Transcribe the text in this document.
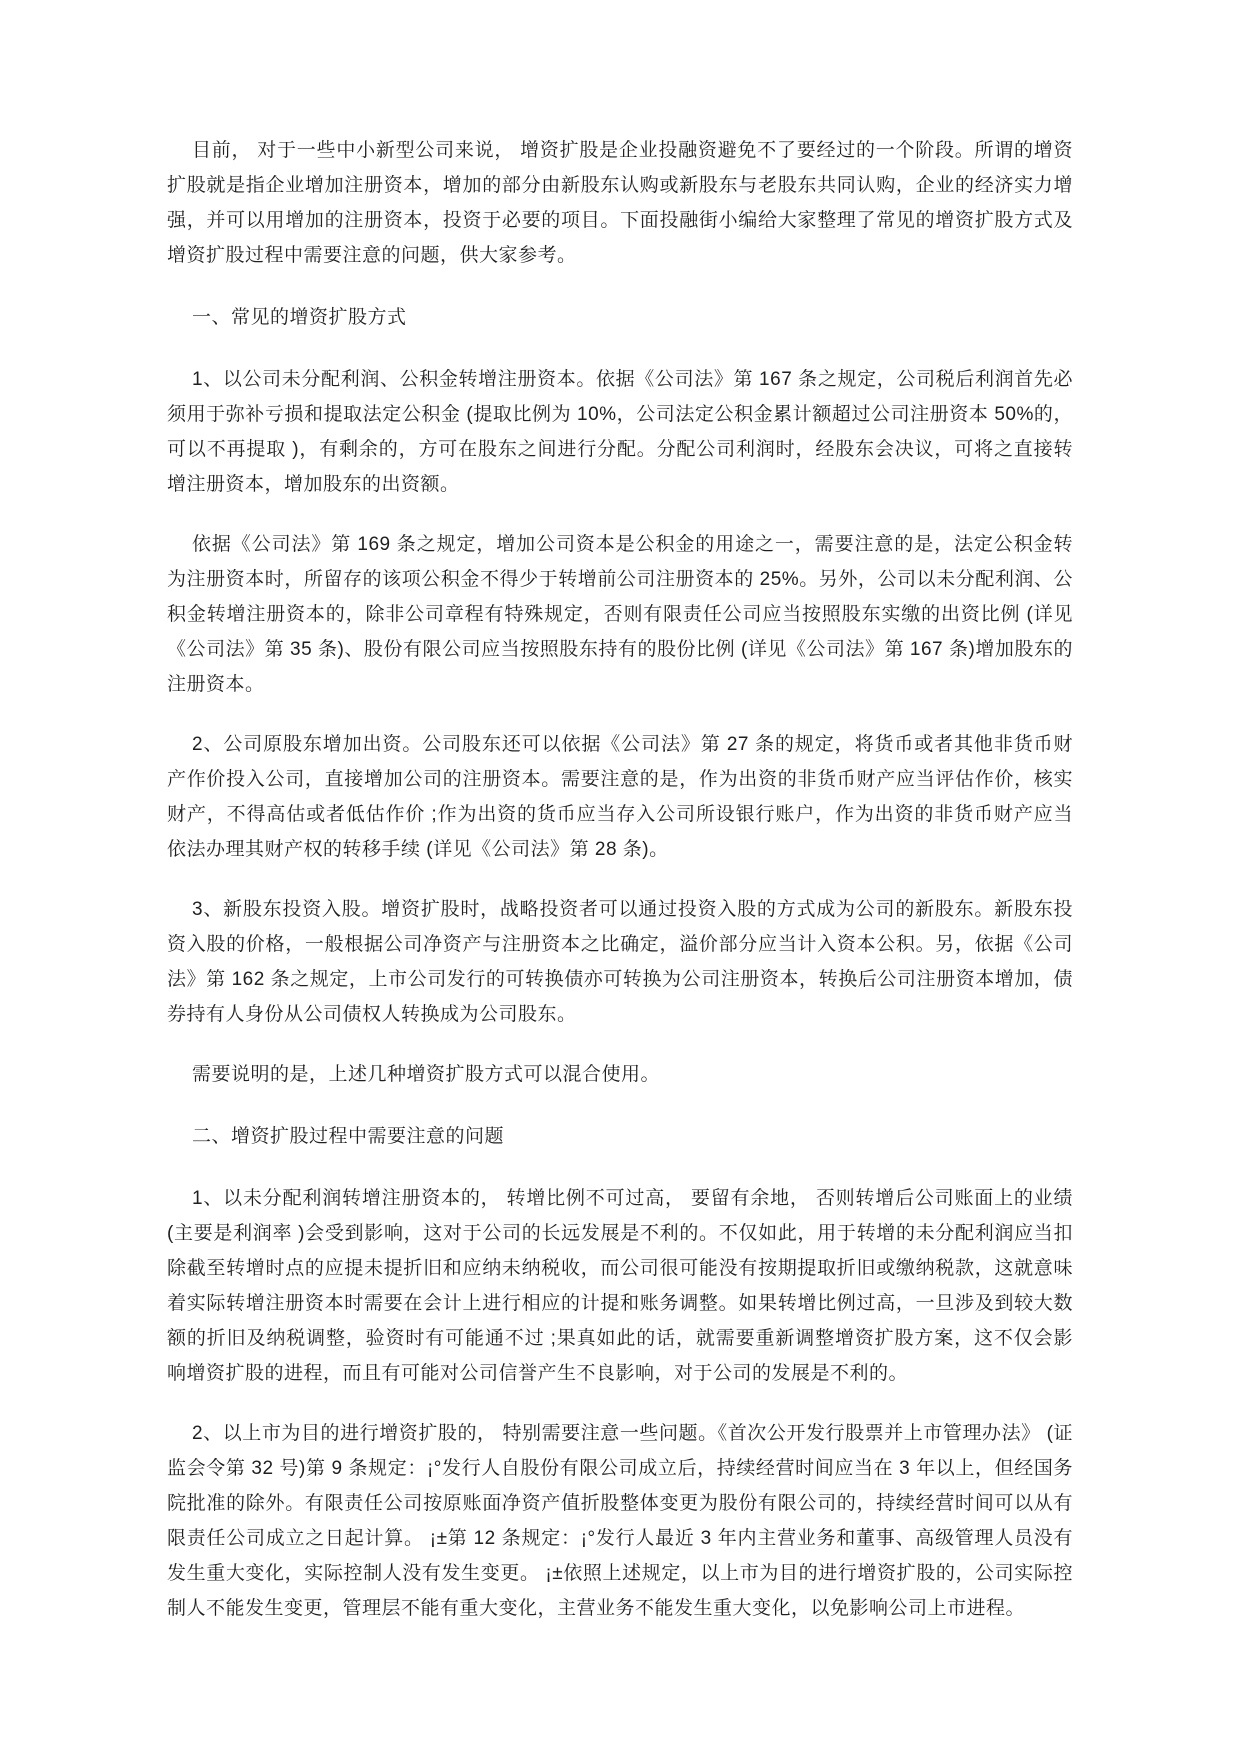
目前， 对于一些中小新型公司来说， 增资扩股是企业投融资避免不了要经过的一个阶段。所谓的增资扩股就是指企业增加注册资本，增加的部分由新股东认购或新股东与老股东共同认购，企业的经济实力增强，并可以用增加的注册资本，投资于必要的项目。下面投融街小编给大家整理了常见的增资扩股方式及增资扩股过程中需要注意的问题，供大家参考。

一、常见的增资扩股方式

1、以公司未分配利润、公积金转增注册资本。依据《公司法》第 167 条之规定，公司税后利润首先必须用于弥补亏损和提取法定公积金 (提取比例为 10%，公司法定公积金累计额超过公司注册资本 50%的，可以不再提取 )，有剩余的，方可在股东之间进行分配。分配公司利润时，经股东会决议，可将之直接转增注册资本，增加股东的出资额。

依据《公司法》第 169 条之规定，增加公司资本是公积金的用途之一，需要注意的是，法定公积金转为注册资本时，所留存的该项公积金不得少于转增前公司注册资本的 25%。另外，公司以未分配利润、公积金转增注册资本的，除非公司章程有特殊规定，否则有限责任公司应当按照股东实缴的出资比例 (详见《公司法》第 35 条)、股份有限公司应当按照股东持有的股份比例 (详见《公司法》第 167 条)增加股东的注册资本。

2、公司原股东增加出资。公司股东还可以依据《公司法》第 27 条的规定，将货币或者其他非货币财产作价投入公司，直接增加公司的注册资本。需要注意的是，作为出资的非货币财产应当评估作价，核实财产，不得高估或者低估作价 ;作为出资的货币应当存入公司所设银行账户，作为出资的非货币财产应当依法办理其财产权的转移手续 (详见《公司法》第 28 条)。

3、新股东投资入股。增资扩股时，战略投资者可以通过投资入股的方式成为公司的新股东。新股东投资入股的价格，一般根据公司净资产与注册资本之比确定，溢价部分应当计入资本公积。另，依据《公司法》第 162 条之规定，上市公司发行的可转换债亦可转换为公司注册资本，转换后公司注册资本增加，债券持有人身份从公司债权人转换成为公司股东。

需要说明的是，上述几种增资扩股方式可以混合使用。

二、增资扩股过程中需要注意的问题

1、以未分配利润转增注册资本的， 转增比例不可过高， 要留有余地， 否则转增后公司账面上的业绩 (主要是利润率 )会受到影响，这对于公司的长远发展是不利的。不仅如此，用于转增的未分配利润应当扣除截至转增时点的应提未提折旧和应纳未纳税收，而公司很可能没有按期提取折旧或缴纳税款，这就意味着实际转增注册资本时需要在会计上进行相应的计提和账务调整。如果转增比例过高，一旦涉及到较大数额的折旧及纳税调整，验资时有可能通不过 ;果真如此的话，就需要重新调整增资扩股方案，这不仅会影响增资扩股的进程，而且有可能对公司信誉产生不良影响，对于公司的发展是不利的。

2、以上市为目的进行增资扩股的， 特别需要注意一些问题。《首次公开发行股票并上市管理办法》 (证监会令第 32 号)第 9 条规定：¡°发行人自股份有限公司成立后，持续经营时间应当在 3 年以上，但经国务院批准的除外。有限责任公司按原账面净资产值折股整体变更为股份有限公司的，持续经营时间可以从有限责任公司成立之日起计算。 ¡±第 12 条规定：¡°发行人最近 3 年内主营业务和董事、高级管理人员没有发生重大变化，实际控制人没有发生变更。 ¡±依照上述规定，以上市为目的进行增资扩股的，公司实际控制人不能发生变更，管理层不能有重大变化，主营业务不能发生重大变化，以免影响公司上市进程。
